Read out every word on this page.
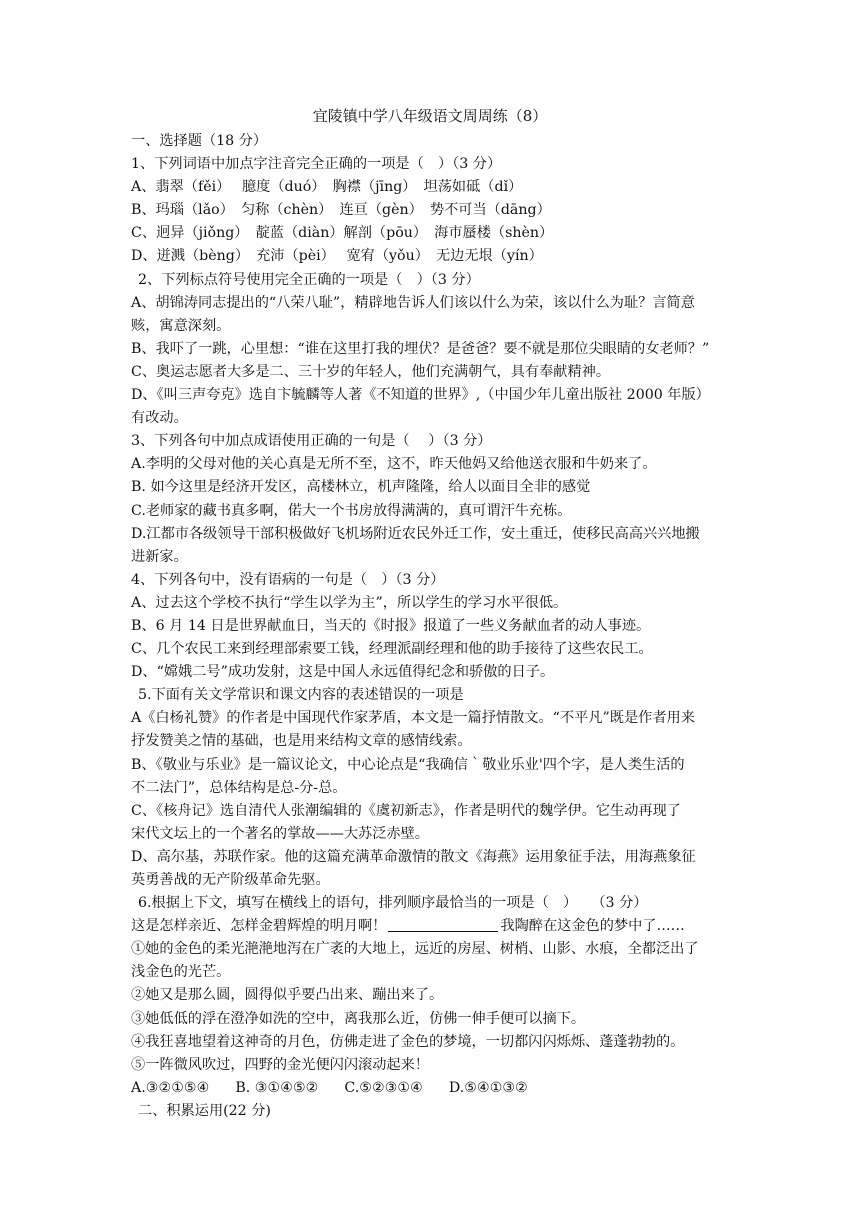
宜陵镇中学八年级语文周周练（8）
一、选择题（18 分）
1、下列词语中加点字注音完全正确的一项是（　）（3 分）
A、翡翠（fěi）　 臆度（duó）　胸襟（jīng）　坦荡如砥（dǐ）
B、玛瑙（lǎo）　匀称（chèn）　连亘（gèn）　势不可当（dāng）
C、迥异（jiǒng）　靛蓝（diàn）解剖（pōu）　海市蜃楼（shèn）
D、迸溅（bèng）　充沛（pèi）　 宽宥（yǒu）　无边无垠（yín）
2、下列标点符号使用完全正确的一项是（　）（3 分）
A、胡锦涛同志提出的“八荣八耻”，精辟地告诉人们该以什么为荣，该以什么为耻？言简意
赅，寓意深刻。
B、我吓了一跳，心里想：“谁在这里打我的埋伏？是爸爸？要不就是那位尖眼睛的女老师？”
C、奥运志愿者大多是二、三十岁的年轻人，他们充满朝气，具有奉献精神。
D、《叫三声夸克》选自卞毓麟等人著《不知道的世界》,（中国少年儿童出版社 2000 年版）
有改动。
3、下列各句中加点成语使用正确的一句是（　 ）（3 分）
A.李明的父母对他的关心真是无所不至，这不，昨天他妈又给他送衣服和牛奶来了。
B. 如今这里是经济开发区，高楼林立，机声隆隆，给人以面目全非的感觉
C.老师家的藏书真多啊，偌大一个书房放得满满的，真可谓汗牛充栋。
D.江都市各级领导干部积极做好飞机场附近农民外迁工作，安土重迁，使移民高高兴兴地搬
进新家。
4、下列各句中，没有语病的一句是（　）（3 分）
A、过去这个学校不执行“学生以学为主”，所以学生的学习水平很低。
B、6 月 14 日是世界献血日，当天的《时报》报道了一些义务献血者的动人事迹。
C、几个农民工来到经理部索要工钱，经理派副经理和他的助手接待了这些农民工。
D、“嫦娥二号”成功发射，这是中国人永远值得纪念和骄傲的日子。
5.下面有关文学常识和课文内容的表述错误的一项是
A《白杨礼赞》的作者是中国现代作家茅盾，本文是一篇抒情散文。“不平凡”既是作者用来
抒发赞美之情的基础，也是用来结构文章的感情线索。
B、《敬业与乐业》是一篇议论文，中心论点是“我确信｀敬业乐业'四个字，是人类生活的
不二法门”，总体结构是总-分-总。
C、《核舟记》选自清代人张潮编辑的《虞初新志》，作者是明代的魏学伊。它生动再现了
宋代文坛上的一个著名的掌故——大苏泛赤壁。
D、高尔基，苏联作家。他的这篇充满革命激情的散文《海燕》运用象征手法，用海燕象征
英勇善战的无产阶级革命先驱。
6.根据上下文，填写在横线上的语句，排列顺序最恰当的一项是（　）　　（3 分）
这是怎样亲近、怎样金碧辉煌的明月啊！	我陶醉在这金色的梦中了……
①她的金色的柔光滟滟地泻在广袤的大地上，远近的房屋、树梢、山影、水痕，全都泛出了
浅金色的光芒。
②她又是那么圆，圆得似乎要凸出来、蹦出来了。
③她低低的浮在澄净如洗的空中，离我那么近，仿佛一伸手便可以摘下。
④我狂喜地望着这神奇的月色，仿佛走进了金色的梦境，一切都闪闪烁烁、蓬蓬勃勃的。
⑤一阵微风吹过，四野的金光便闪闪滚动起来！
A.③②①⑤④ B. ③①④⑤② C.⑤②③①④ D.⑤④①③②
二、积累运用(22 分)
